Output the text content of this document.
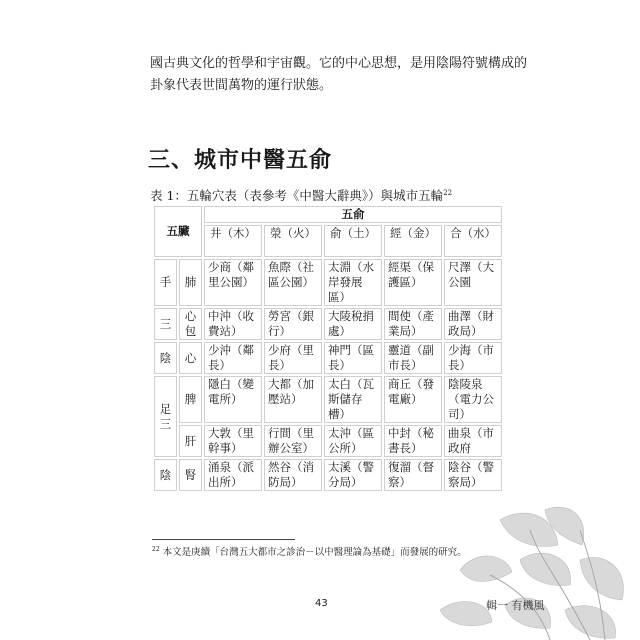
國古典文化的哲學和宇宙觀。它的中心思想，是用陰陽符號構成的

卦象代表世間萬物的運行狀態。

三、城市中醫五俞
表 1：五輪穴表（表參考《中醫大辭典》）與城市五輪$^{22}$
五臟		五俞				
		井（木）	滎（火）	俞（土）	經（金）	合（水）
手	肺	少商（鄰里公園）	魚際（社區公園）	太淵（水岸發展區）	經渠（保護區）	尺澤（大公園
三	心包	中沖（收費站）	勞宮（銀行）	大陵稅捐處）	間使（產業局）	曲澤（財政局）
陰	心	少沖（鄰長）	少府（里長）	神門（區長）	靈道（副市長）	少海（市長）
足三	脾	隱白（變電所）	大都（加壓站）	太白（瓦斯儲存槽）	商丘（發電廠）	陰陵泉（電力公司）
	肝	大敦（里幹事）	行間（里辦公室）	太沖（區公所）	中封（秘書長）	曲泉（市政府
陰	腎	涌泉（派出所）	然谷（消防局）	太溪（警分局）	復溜（督察）	陰谷（警察局）
$^{22}$ 本文是庚續「台灣五大都市之診治－以中醫理論為基礎」而發展的研究。
43	輯一 有機風
